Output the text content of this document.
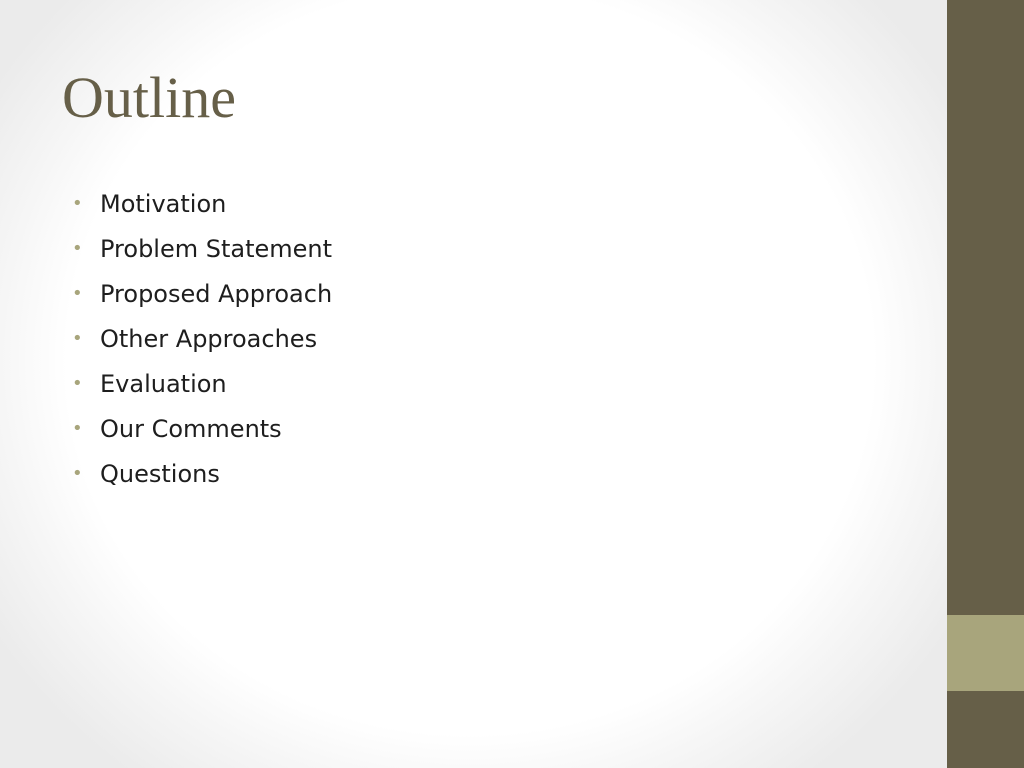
Outline
• Motivation
• Problem Statement
• Proposed Approach
• Other Approaches
• Evaluation
• Our Comments
• Questions
